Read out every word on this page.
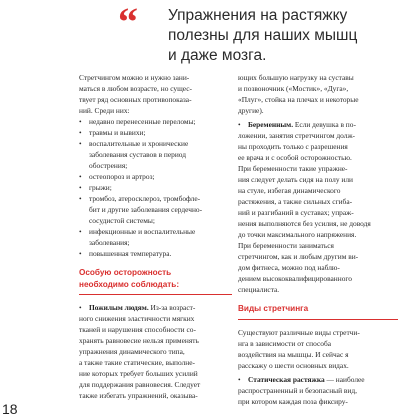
“ Упражнения на растяжку
полезны для наших мышц
и даже мозга.

Стретчингом можно и нужно зани-
маться в любом возрасте, но сущес-
твует ряд основных противопоказа-
ний. Среди них:

• недавно перенесенные переломы;
• травмы и вывихи;
• воспалительные и хронические
заболевания суставов в период
обострения;
• остеопороз и артроз;
• грыжи;
• тромбоз, атеросклероз, тромбофле-
бит и другие заболевания сердечно-
сосудистой системы;
• инфекционные и воспалительные
заболевания;
• повышенная температура.
Особую осторожность
необходимо соблюдать:
• Пожилым людям. Из-за возраст-

ного снижения эластичности мягких
тканей и нарушения способности со-
хранять равновесие нельзя применять
упражнения динамического типа,
а также такие статические, выполне-
ние которых требует больших усилий
для поддержания равновесия. Следует
также избегать упражнений, оказыва-

ющих большую нагрузку на суставы
и позвоночник («Мостик», «Дуга»,
«Плуг», стойка на плечах и некоторые
другие).

• Беременным. Если девушка в по-

ложении, занятия стретчингом долж-
ны проходить только с разрешения
ее врача и с особой осторожностью.
При беременности такие упражне-
ния следует делать сидя на полу или
на стуле, избегая динамического
растяжения, а также сильных сгиба-
ний и разгибаний в суставах; упраж-
нения выполняются без усилия, не доводя
до точки максимального напряжения.
При беременности заниматься
стретчингом, как и любым другим ви-
дом фитнеса, можно под наблю-
дением высококвалифицированного
специалиста.

Виды стретчинга

Существуют различные виды стретчи-
нга в зависимости от способа
воздействия на мышцы. И сейчас я
расскажу о шести основных видах.

• Статическая растяжка — наиболее

распространенный и безопасный вид,
при котором каждая поза фиксиру-

18
